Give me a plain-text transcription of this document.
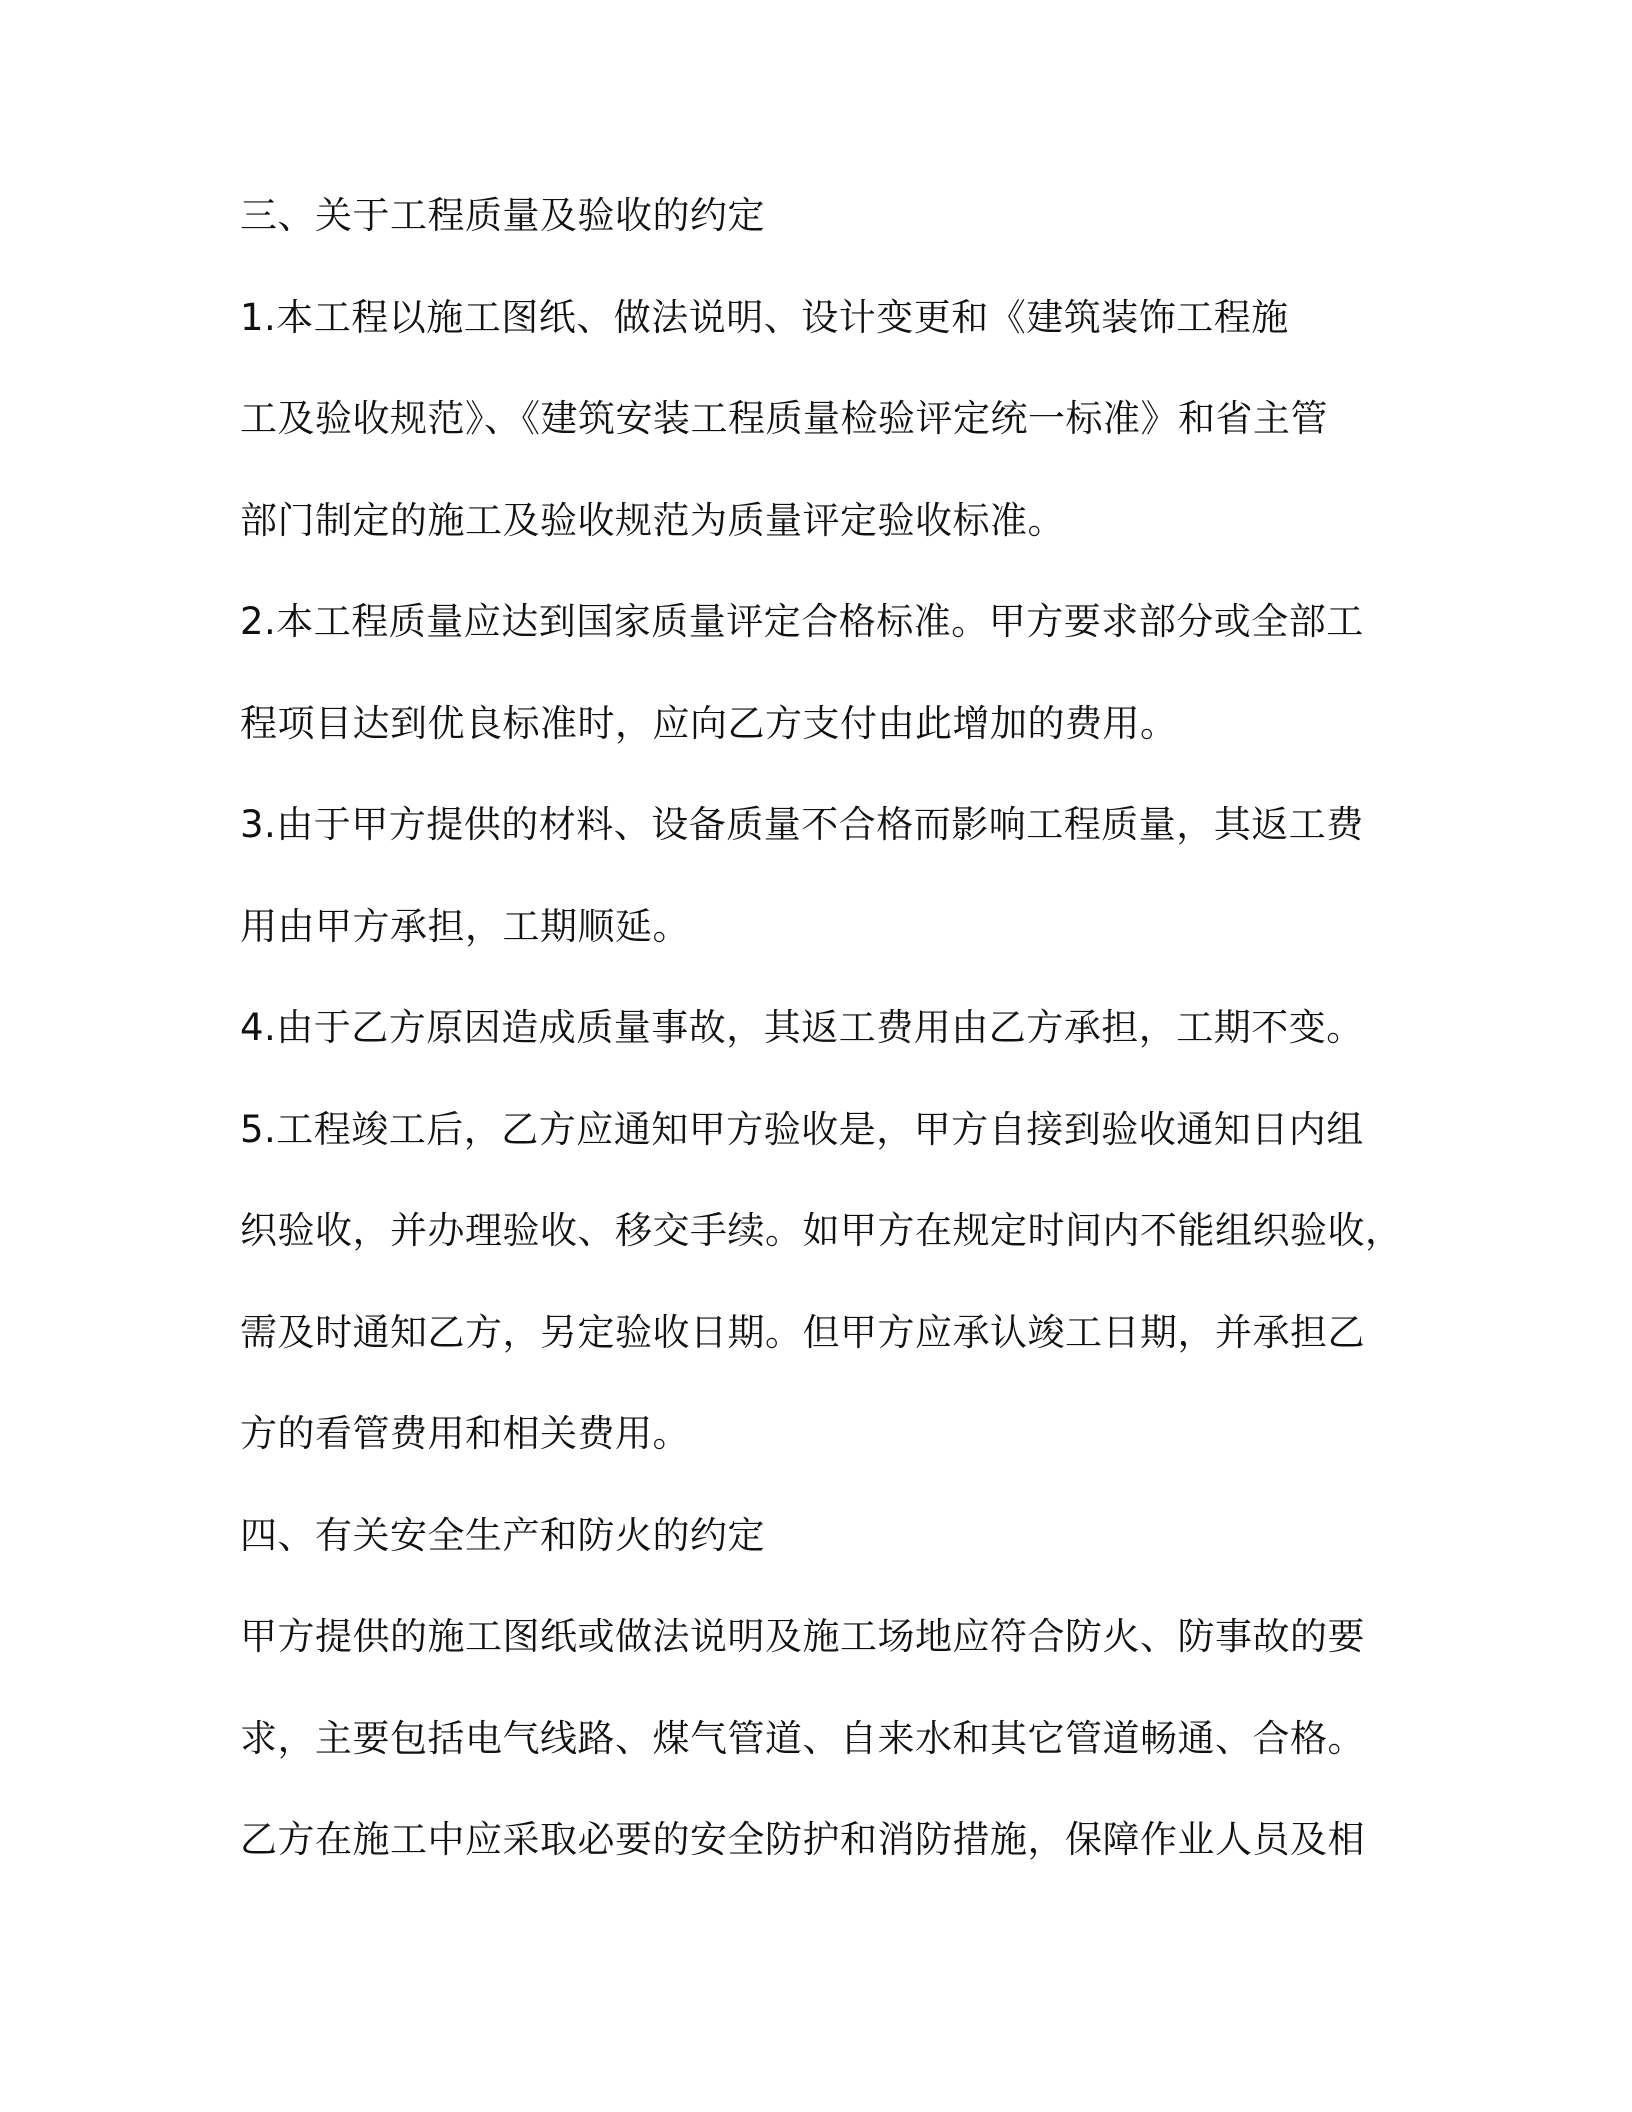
三、关于工程质量及验收的约定
1.本工程以施工图纸、做法说明、设计变更和《建筑装饰工程施
工及验收规范》、《建筑安装工程质量检验评定统一标准》和省主管
部门制定的施工及验收规范为质量评定验收标准。
2.本工程质量应达到国家质量评定合格标准。甲方要求部分或全部工
程项目达到优良标准时，应向乙方支付由此增加的费用。
3.由于甲方提供的材料、设备质量不合格而影响工程质量，其返工费
用由甲方承担，工期顺延。
4.由于乙方原因造成质量事故，其返工费用由乙方承担，工期不变。
5.工程竣工后，乙方应通知甲方验收是，甲方自接到验收通知日内组
织验收，并办理验收、移交手续。如甲方在规定时间内不能组织验收，
需及时通知乙方，另定验收日期。但甲方应承认竣工日期，并承担乙
方的看管费用和相关费用。
四、有关安全生产和防火的约定
甲方提供的施工图纸或做法说明及施工场地应符合防火、防事故的要
求，主要包括电气线路、煤气管道、自来水和其它管道畅通、合格。
乙方在施工中应采取必要的安全防护和消防措施，保障作业人员及相
